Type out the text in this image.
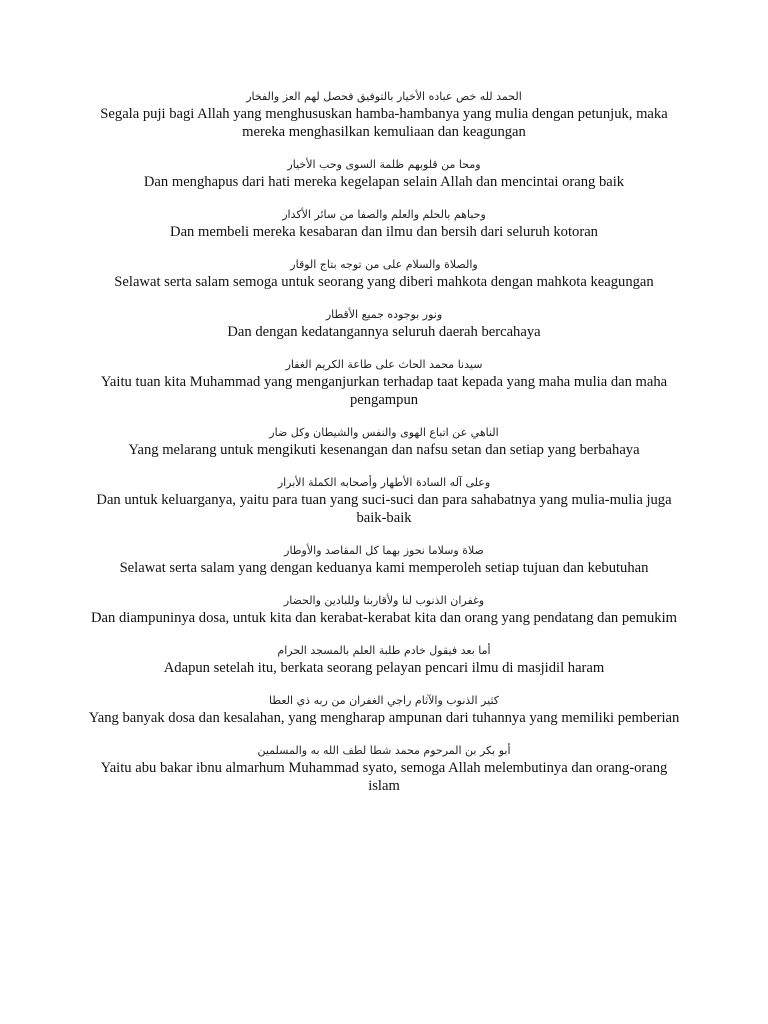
الحمد لله خص عباده الأخيار بالتوفيق فحصل لهم العز والفخار
Segala puji bagi Allah yang menghususkan hamba-hambanya yang mulia dengan petunjuk, maka mereka menghasilkan kemuliaan dan keagungan
ومحا من قلوبهم ظلمة السوى وحب الأخيار
Dan menghapus dari hati mereka kegelapan selain Allah dan mencintai orang baik
وحباهم بالحلم والعلم والصفا من سائر الأكدار
Dan membeli mereka kesabaran dan ilmu dan bersih dari seluruh kotoran
والصلاة والسلام على من توجه بتاج الوقار
Selawat serta salam semoga untuk seorang yang diberi mahkota dengan mahkota keagungan
ونور بوجوده جميع الأقطار
Dan dengan kedatangannya seluruh daerah bercahaya
سيدنا محمد الحاث على طاعة الكريم الغفار
Yaitu tuan kita Muhammad yang menganjurkan terhadap taat kepada yang maha mulia dan maha pengampun
الناهي عن اتباع الهوى والنفس والشيطان وكل ضار
Yang melarang untuk mengikuti kesenangan dan nafsu setan dan setiap yang berbahaya
وعلى آله السادة الأطهار وأصحابه الكملة الأبرار
Dan untuk keluarganya, yaitu para tuan yang suci-suci dan para sahabatnya yang mulia-mulia juga baik-baik
صلاة وسلاما نحوز بهما كل المقاصد والأوطار
Selawat serta salam yang dengan keduanya kami memperoleh setiap tujuan dan kebutuhan
وغفران الذنوب لنا ولأقاربنا وللبادين والحضار
Dan diampuninya dosa, untuk kita dan kerabat-kerabat kita dan orang yang pendatang dan pemukim
أما بعد فيقول خادم طلبة العلم بالمسجد الحرام
Adapun setelah itu, berkata seorang pelayan pencari ilmu di masjidil haram
كثير الذنوب والآثام راجي الغفران من ربه ذي العطا
Yang banyak dosa dan kesalahan, yang mengharap ampunan dari tuhannya yang memiliki pemberian
أبو بكر بن المرحوم محمد شطا لطف الله به والمسلمين
Yaitu abu bakar ibnu almarhum Muhammad syato, semoga Allah melembutinya dan orang-orang islam
